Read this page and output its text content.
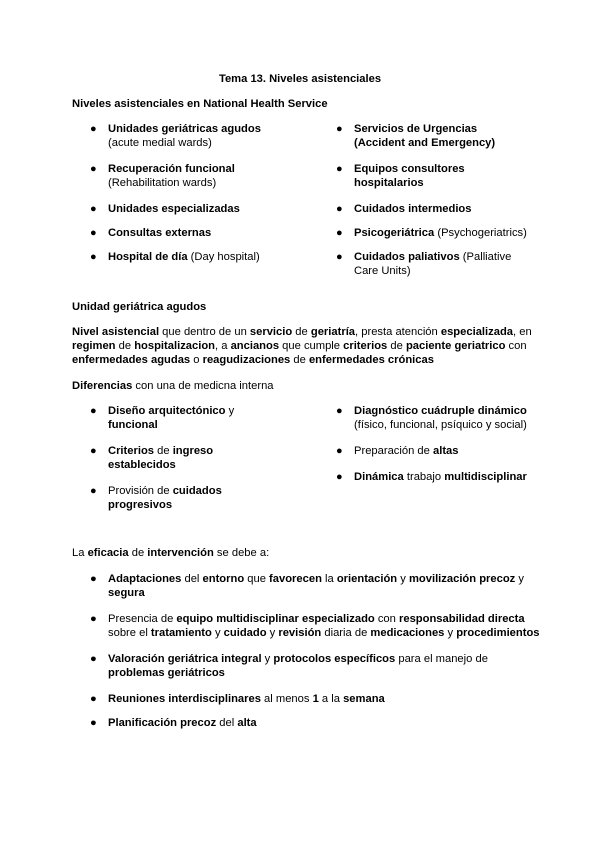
Tema 13. Niveles asistenciales
Niveles asistenciales en National Health Service
● Unidades geriátricas agudos
(acute medial wards)
● Recuperación funcional
(Rehabilitation wards)
● Unidades especializadas
● Consultas externas
● Hospital de día (Day hospital)
● Servicios de Urgencias (Accident and Emergency)
● Equipos consultores hospitalarios
● Cuidados intermedios
● Psicogeriátrica (Psychogeriatrics)
● Cuidados paliativos (Palliative Care Units)
Unidad geriátrica agudos
Nivel asistencial que dentro de un servicio de geriatría, presta atención especializada, en regimen de hospitalizacion, a ancianos que cumple criterios de paciente geriatrico con enfermedades agudas o reagudizaciones de enfermedades crónicas
Diferencias con una de medicna interna
● Diseño arquitectónico y funcional
● Criterios de ingreso establecidos
● Provisión de cuidados progresivos
● Diagnóstico cuádruple dinámico (físico, funcional, psíquico y social)
● Preparación de altas
● Dinámica trabajo multidisciplinar
La eficacia de intervención se debe a:
● Adaptaciones del entorno que favorecen la orientación y movilización precoz y segura
● Presencia de equipo multidisciplinar especializado con responsabilidad directa sobre el tratamiento y cuidado y revisión diaria de medicaciones y procedimientos
● Valoración geriátrica integral y protocolos específicos para el manejo de problemas geriátricos
● Reuniones interdisciplinares al menos 1 a la semana
● Planificación precoz del alta
